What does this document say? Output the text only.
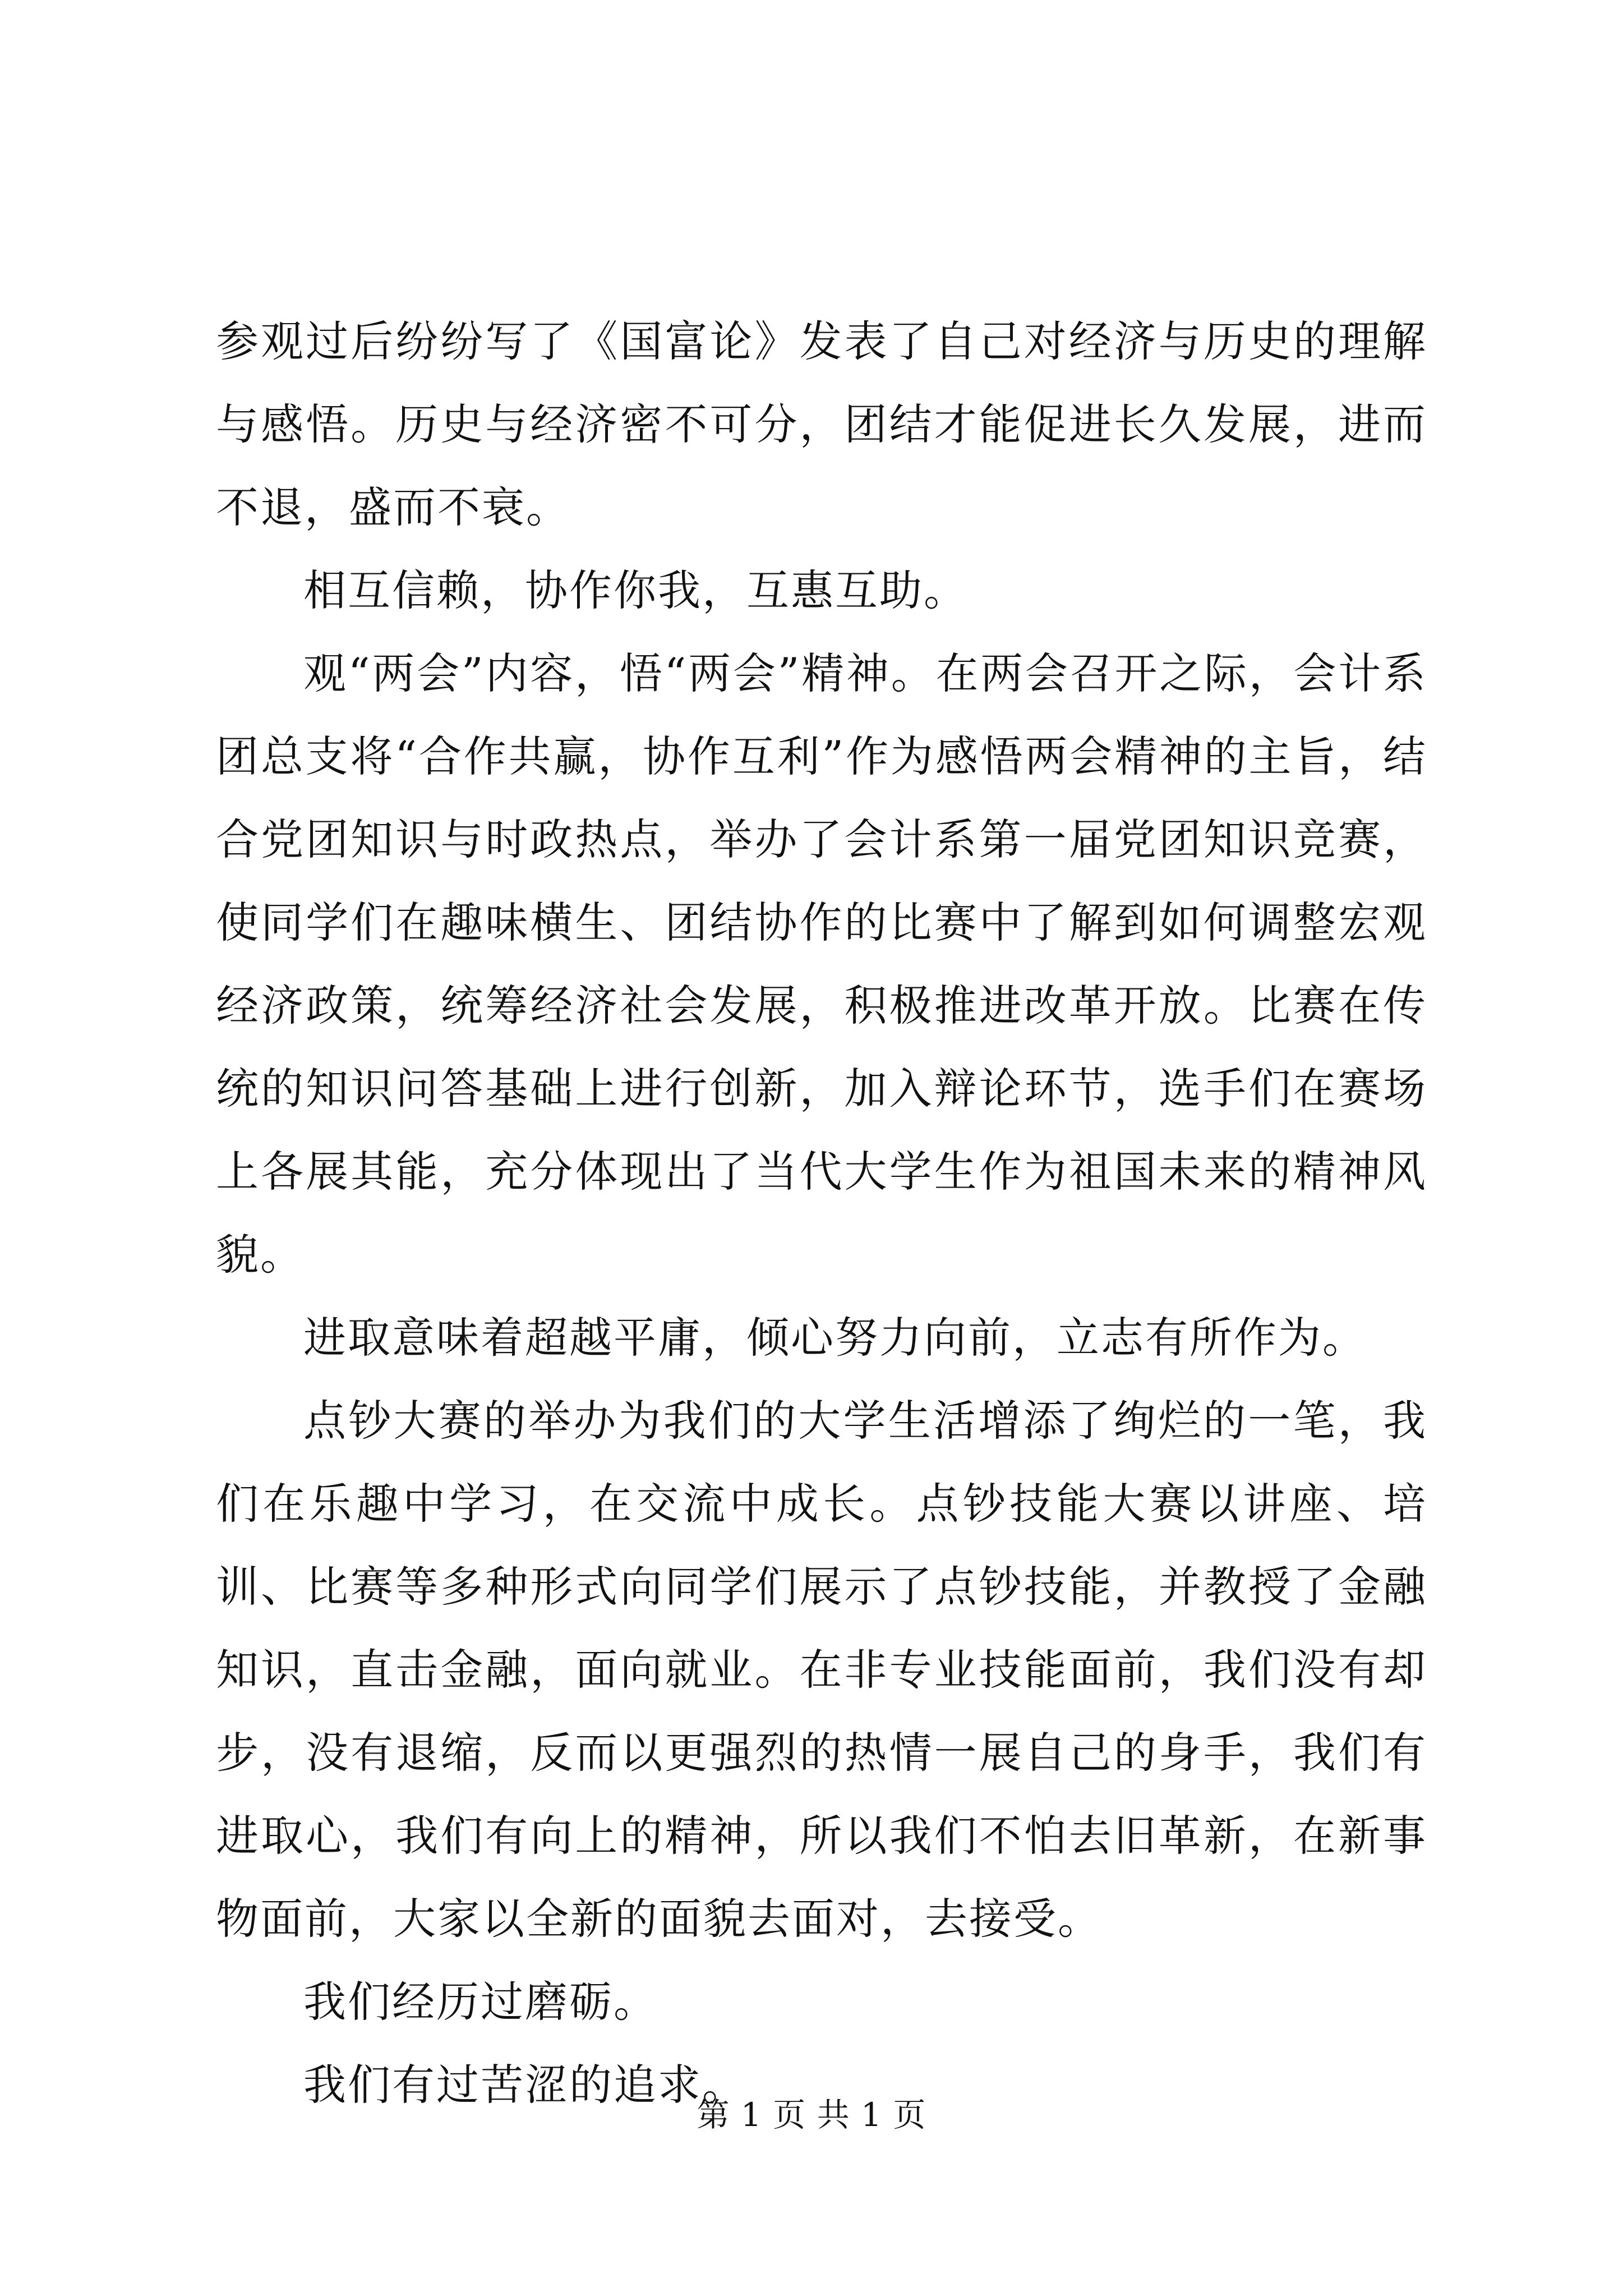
参观过后纷纷写了《国富论》发表了自己对经济与历史的理解与感悟。历史与经济密不可分，团结才能促进长久发展，进而不退，盛而不衰。

相互信赖，协作你我，互惠互助。

观“两会”内容，悟“两会”精神。在两会召开之际，会计系团总支将“合作共赢，协作互利”作为感悟两会精神的主旨，结合党团知识与时政热点，举办了会计系第一届党团知识竞赛，使同学们在趣味横生、团结协作的比赛中了解到如何调整宏观经济政策，统筹经济社会发展，积极推进改革开放。比赛在传统的知识问答基础上进行创新，加入辩论环节，选手们在赛场上各展其能，充分体现出了当代大学生作为祖国未来的精神风貌。

进取意味着超越平庸，倾心努力向前，立志有所作为。

点钞大赛的举办为我们的大学生活增添了绚烂的一笔，我们在乐趣中学习，在交流中成长。点钞技能大赛以讲座、培训、比赛等多种形式向同学们展示了点钞技能，并教授了金融知识，直击金融，面向就业。在非专业技能面前，我们没有却步，没有退缩，反而以更强烈的热情一展自己的身手，我们有进取心，我们有向上的精神，所以我们不怕去旧革新，在新事物面前，大家以全新的面貌去面对，去接受。

我们经历过磨砺。

我们有过苦涩的追求。

第 1 页 共 1 页
